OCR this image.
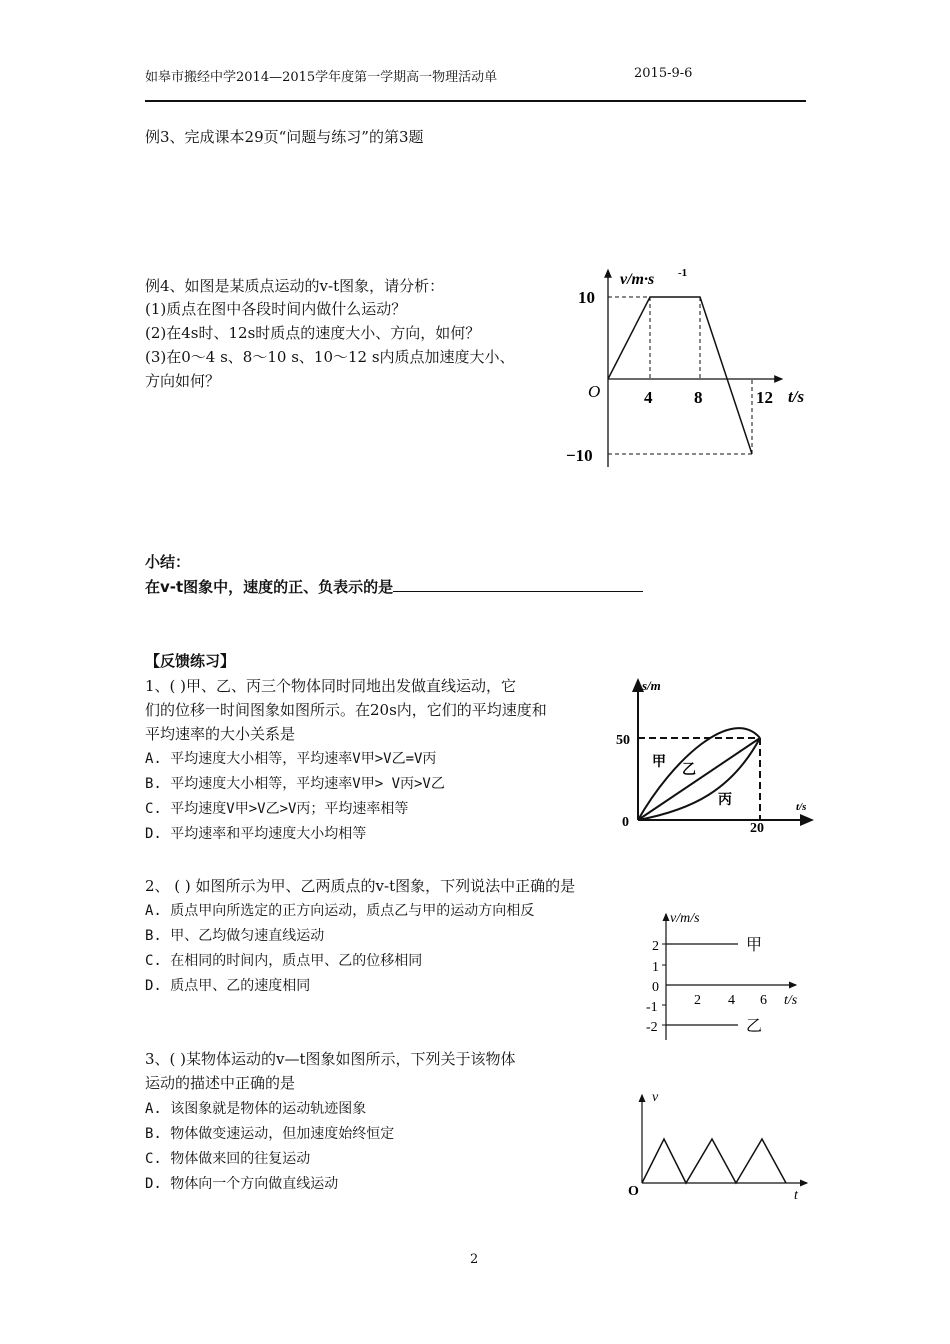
如皋市搬经中学2014—2015学年度第一学期高一物理活动单	2015-9-6
例3、完成课本29页“问题与练习”的第3题
例4、如图是某质点运动的v-t图象，请分析：
(1)质点在图中各段时间内做什么运动？
(2)在4s时、12s时质点的速度大小、方向，如何？
(3)在0～4 s、8～10 s、10～12 s内质点加速度大小、
方向如何？
v/m·s -1
10
−10
O	4 8	12 t/s
小结：
在v-t图象中，速度的正、负表示的是
【反馈练习】
1、( )甲、乙、丙三个物体同时同地出发做直线运动，它
们的位移一时间图象如图所示。在20s内，它们的平均速度和
平均速率的大小关系是
A. 平均速度大小相等，平均速率V甲>V乙=V丙
B. 平均速度大小相等，平均速率V甲> V丙>V乙
C. 平均速度V甲>V乙>V丙；平均速率相等
D. 平均速率和平均速度大小均相等
s/m
50
0	20
t/s
甲
乙
丙
2、 ( ) 如图所示为甲、乙两质点的v-t图象，下列说法中正确的是
A. 质点甲向所选定的正方向运动，质点乙与甲的运动方向相反
B. 甲、乙均做匀速直线运动
C. 在相同的时间内，质点甲、乙的位移相同
D. 质点甲、乙的速度相同
v/m/s
2
1
0
-1
-2
2 4 6 t/s
甲
乙
3、( )某物体运动的v—t图象如图所示，下列关于该物体
运动的描述中正确的是
A. 该图象就是物体的运动轨迹图象
B. 物体做变速运动，但加速度始终恒定
C. 物体做来回的往复运动
D. 物体向一个方向做直线运动
v
O	t
2
